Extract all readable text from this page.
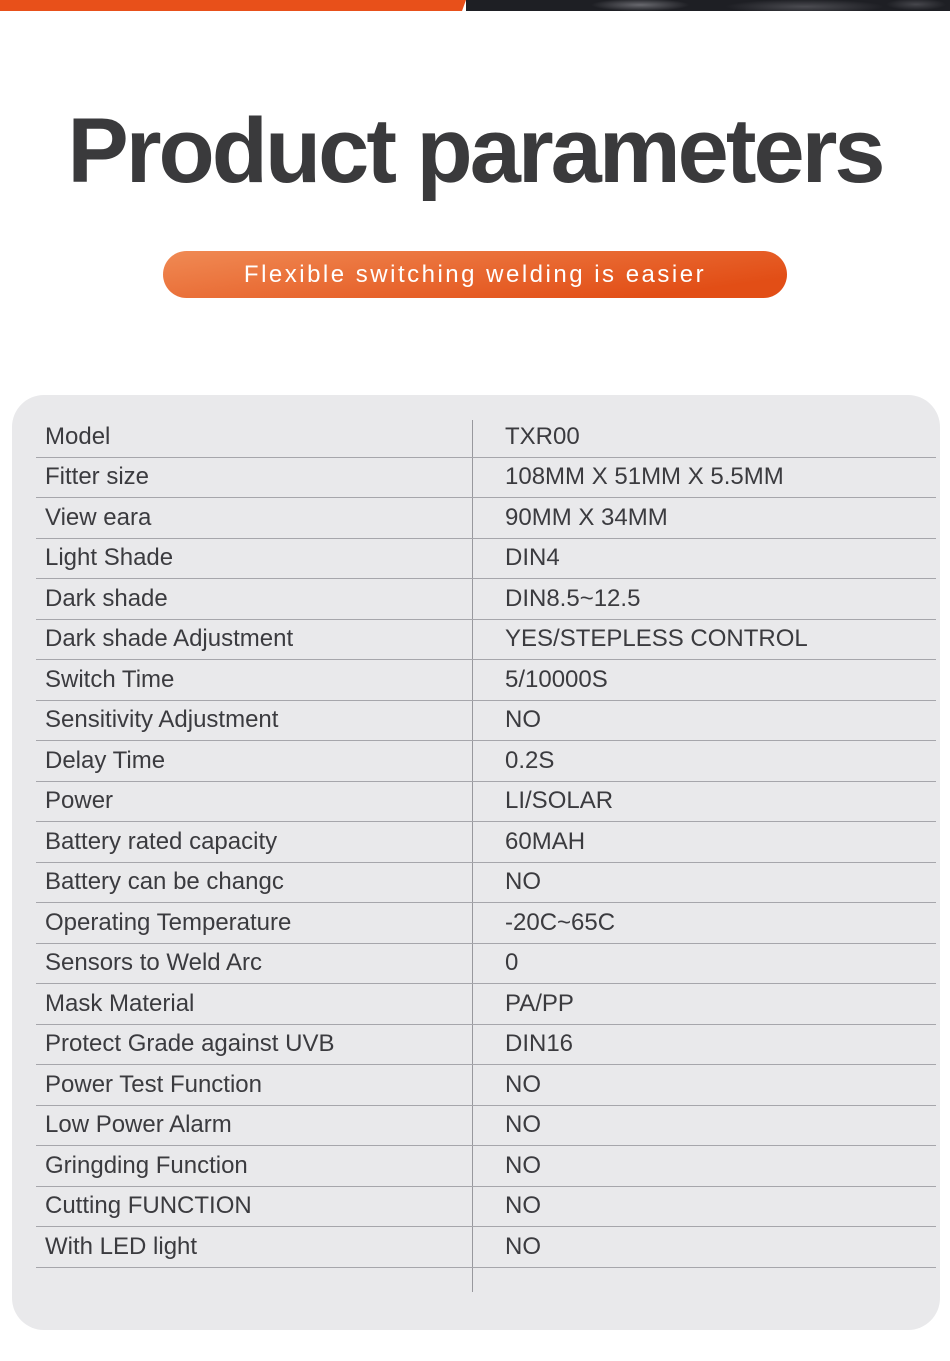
Product parameters
Flexible switching welding is easier
Model	TXR00
Fitter size	108MM X 51MM X 5.5MM
View eara	90MM X 34MM
Light Shade	DIN4
Dark shade	DIN8.5~12.5
Dark shade Adjustment	YES/STEPLESS CONTROL
Switch Time	5/10000S
Sensitivity Adjustment	NO
Delay Time	0.2S
Power	LI/SOLAR
Battery rated capacity	60MAH
Battery can be changc	NO
Operating Temperature	-20C~65C
Sensors to Weld Arc	0
Mask Material	PA/PP
Protect Grade against UVB	DIN16
Power Test Function	NO
Low Power Alarm	NO
Gringding Function	NO
Cutting FUNCTION	NO
With LED light	NO
